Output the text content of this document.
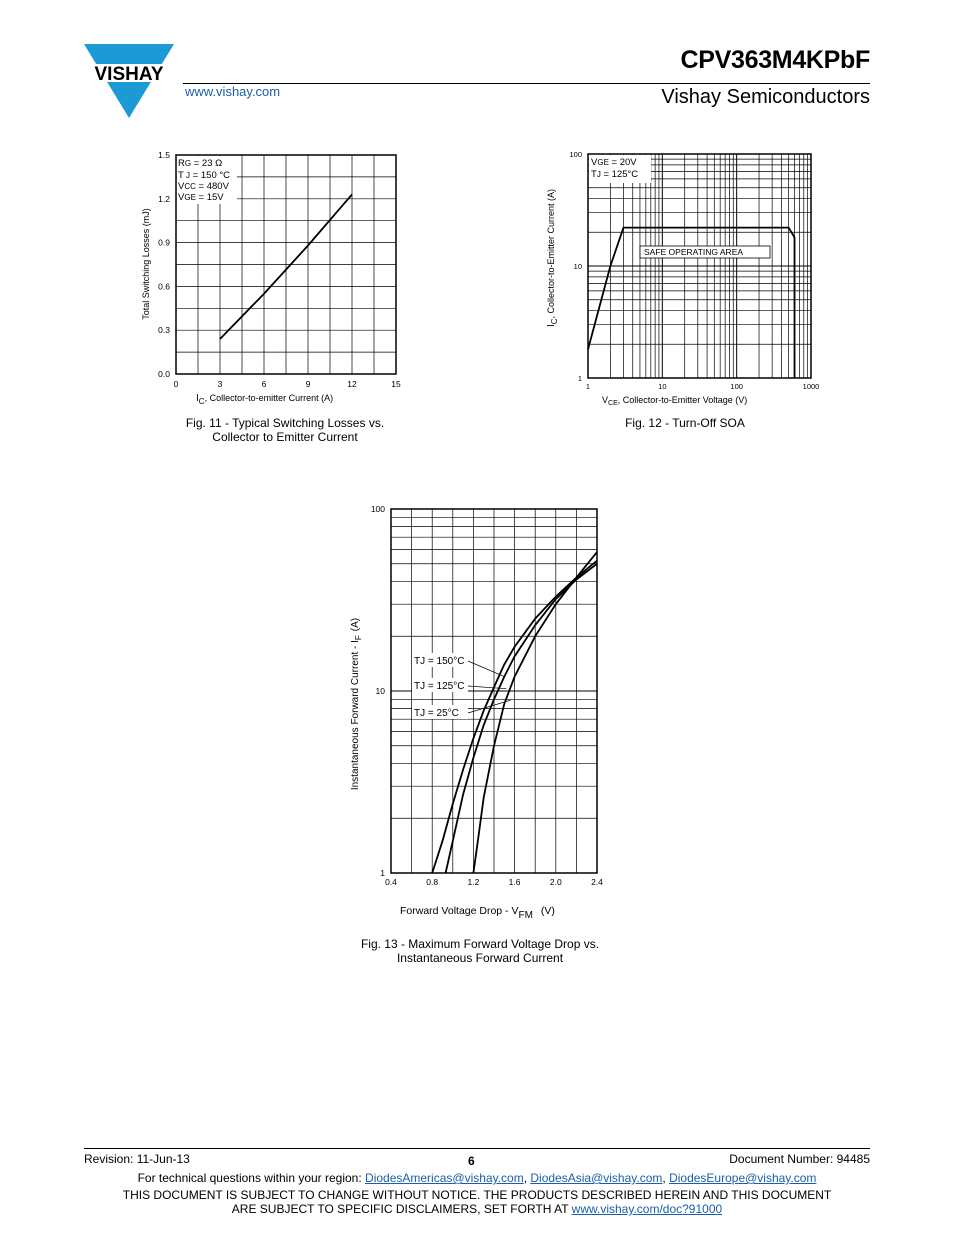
VISHAY
CPV363M4KPbF
Vishay Semiconductors
www.vishay.com
0	3	6	9	12	15
0.0
0.3
0.6
0.9
1.2
1.5
RG = 23 Ω
T J = 150 °C
VCC = 480V
VGE = 15V
Total Switching Losses (mJ)
$I_C$, Collector-to-emitter Current (A)
Fig. 11 - Typical Switching Losses vs.
Collector to Emitter Current
1	10	100	1000
1
10
100
VGE = 20V
TJ = 125°C
SAFE OPERATING AREA
IC, Collector-to-Emitter Current (A)
$V_{CE}$, Collector-to-Emitter Voltage (V)
Fig. 12 - Turn-Off SOA
0.4	0.8	1.2	1.6	2.0	2.4
1
10
100
TJ = 150°C
TJ = 125°C
TJ = 25°C
Instantaneous Forward Current - $I_F(A)$
Forward Voltage Drop - VFM (V)
Fig. 13 - Maximum Forward Voltage Drop vs.
Instantaneous Forward Current
Revision: 11-Jun-13	6	Document Number: 94485
For technical questions within your region: DiodesAmericas@vishay.com, DiodesAsia@vishay.com, DiodesEurope@vishay.com
THIS DOCUMENT IS SUBJECT TO CHANGE WITHOUT NOTICE. THE PRODUCTS DESCRIBED HEREIN AND THIS DOCUMENT
ARE SUBJECT TO SPECIFIC DISCLAIMERS, SET FORTH AT www.vishay.com/doc?91000
